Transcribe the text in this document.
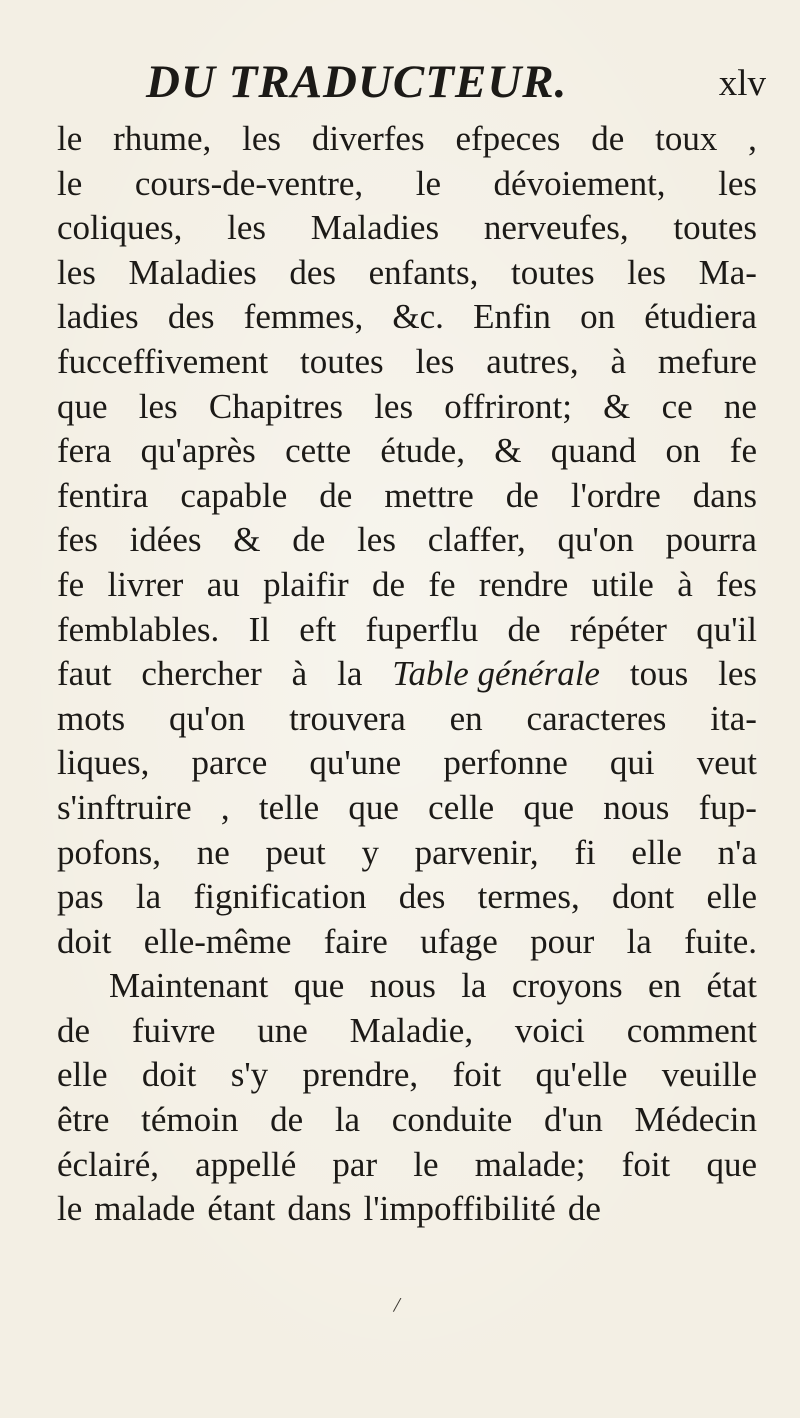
DU TRADUCTEUR.	xlv
le rhume, les diverfes efpeces de toux ,
le cours-de-ventre, le dévoiement, les
coliques, les Maladies nerveufes, toutes
les Maladies des enfants, toutes les Ma-
ladies des femmes, &c. Enfin on étudiera
fucceffivement toutes les autres, à mefure
que les Chapitres les offriront; & ce ne
fera qu'après cette étude, & quand on fe
fentira capable de mettre de l'ordre dans
fes idées & de les claffer, qu'on pourra
fe livrer au plaifir de fe rendre utile à fes
femblables. Il eft fuperflu de répéter qu'il
faut chercher à la Table générale tous les
mots qu'on trouvera en caracteres ita-
liques, parce qu'une perfonne qui veut
s'inftruire , telle que celle que nous fup-
pofons, ne peut y parvenir, fi elle n'a
pas la fignification des termes, dont elle
doit elle-même faire ufage pour la fuite.
Maintenant que nous la croyons en état
de fuivre une Maladie, voici comment
elle doit s'y prendre, foit qu'elle veuille
être témoin de la conduite d'un Médecin
éclairé, appellé par le malade; foit que
le malade étant dans l'impoffibilité de
/
